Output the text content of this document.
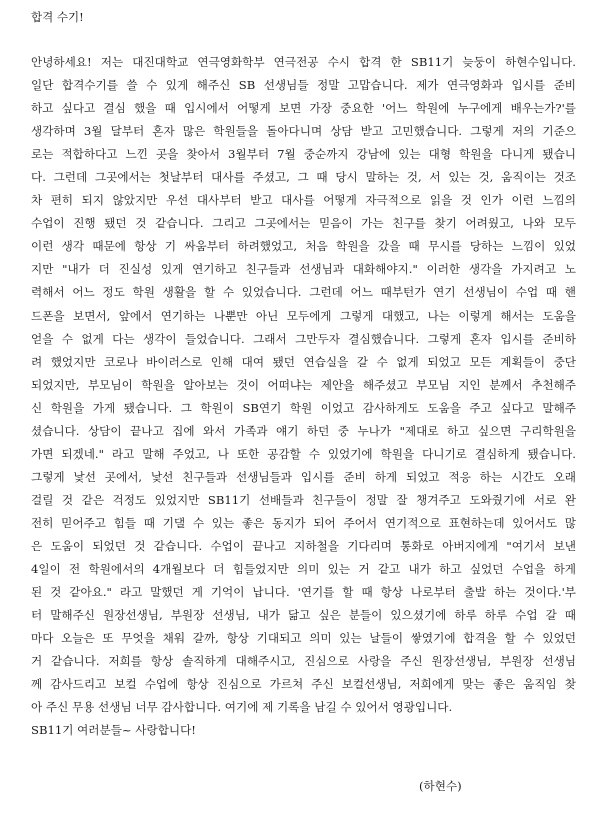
합격 수기!
안녕하세요! 저는 대진대학교 연극영화학부 연극전공 수시 합격 한 SB11기 늦둥이 하현수입니다.
일단 합격수기를 쓸 수 있게 해주신 SB 선생님들 정말 고맙습니다. 제가 연극영화과 입시를 준비
하고 싶다고 결심 했을 때 입시에서 어떻게 보면 가장 중요한 '어느 학원에 누구에게 배우는가?'를
생각하며 3월 달부터 혼자 많은 학원들을 돌아다니며 상담 받고 고민했습니다. 그렇게 저의 기준으
로는 적합하다고 느낀 곳을 찾아서 3월부터 7월 중순까지 강남에 있는 대형 학원을 다니게 됐습니
다. 그런데 그곳에서는 첫날부터 대사를 주셨고, 그 때 당시 말하는 것, 서 있는 것, 움직이는 것조
차 편히 되지 않았지만 우선 대사부터 받고 대사를 어떻게 자극적으로 읽을 것 인가 이런 느낌의
수업이 진행 됐던 것 같습니다. 그리고 그곳에서는 믿음이 가는 친구를 찾기 어려웠고, 나와 모두
이런 생각 때문에 항상 기 싸움부터 하려했었고, 처음 학원을 갔을 때 무시를 당하는 느낌이 있었
지만 "내가 더 진실성 있게 연기하고 친구들과 선생님과 대화해야지." 이러한 생각을 가지려고 노
력해서 어느 정도 학원 생활을 할 수 있었습니다. 그런데 어느 때부턴가 연기 선생님이 수업 때 핸
드폰을 보면서, 앞에서 연기하는 나뿐만 아닌 모두에게 그렇게 대했고, 나는 이렇게 해서는 도움을
얻을 수 없게 다는 생각이 들었습니다. 그래서 그만두자 결심했습니다. 그렇게 혼자 입시를 준비하
려 했었지만 코로나 바이러스로 인해 대여 됐던 연습실을 갈 수 없게 되었고 모든 계획들이 중단
되었지만, 부모님이 학원을 알아보는 것이 어떠냐는 제안을 해주셨고 부모님 지인 분께서 추천해주
신 학원을 가게 됐습니다. 그 학원이 SB연기 학원 이었고 감사하게도 도움을 주고 싶다고 말해주
셨습니다. 상담이 끝나고 집에 와서 가족과 얘기 하던 중 누나가 "제대로 하고 싶으면 구리학원을
가면 되겠네." 라고 말해 주었고, 나 또한 공감할 수 있었기에 학원을 다니기로 결심하게 됐습니다.
그렇게 낯선 곳에서, 낯선 친구들과 선생님들과 입시를 준비 하게 되었고 적응 하는 시간도 오래
걸릴 것 같은 걱정도 있었지만 SB11기 선배들과 친구들이 정말 잘 챙겨주고 도와줬기에 서로 완
전히 믿어주고 힘들 때 기댈 수 있는 좋은 동지가 되어 주어서 연기적으로 표현하는데 있어서도 많
은 도움이 되었던 것 같습니다. 수업이 끝나고 지하철을 기다리며 통화로 아버지에게 "여기서 보낸
4일이 전 학원에서의 4개월보다 더 힘들었지만 의미 있는 거 같고 내가 하고 싶었던 수업을 하게
된 것 같아요." 라고 말했던 게 기억이 납니다. '연기를 할 때 항상 나로부터 출발 하는 것이다.'부
터 말해주신 원장선생님, 부원장 선생님, 내가 닮고 싶은 분들이 있으셨기에 하루 하루 수업 갈 때
마다 오늘은 또 무엇을 채워 갈까, 항상 기대되고 의미 있는 날들이 쌓였기에 합격을 할 수 있었던
거 같습니다. 저희를 항상 솔직하게 대해주시고, 진심으로 사랑을 주신 원장선생님, 부원장 선생님
께 감사드리고 보컬 수업에 항상 진심으로 가르쳐 주신 보컬선생님, 저희에게 맞는 좋은 움직임 찾
아 주신 무용 선생님 너무 감사합니다. 여기에 제 기록을 남길 수 있어서 영광입니다.
SB11기 여러분들~ 사랑합니다!
(하현수)
